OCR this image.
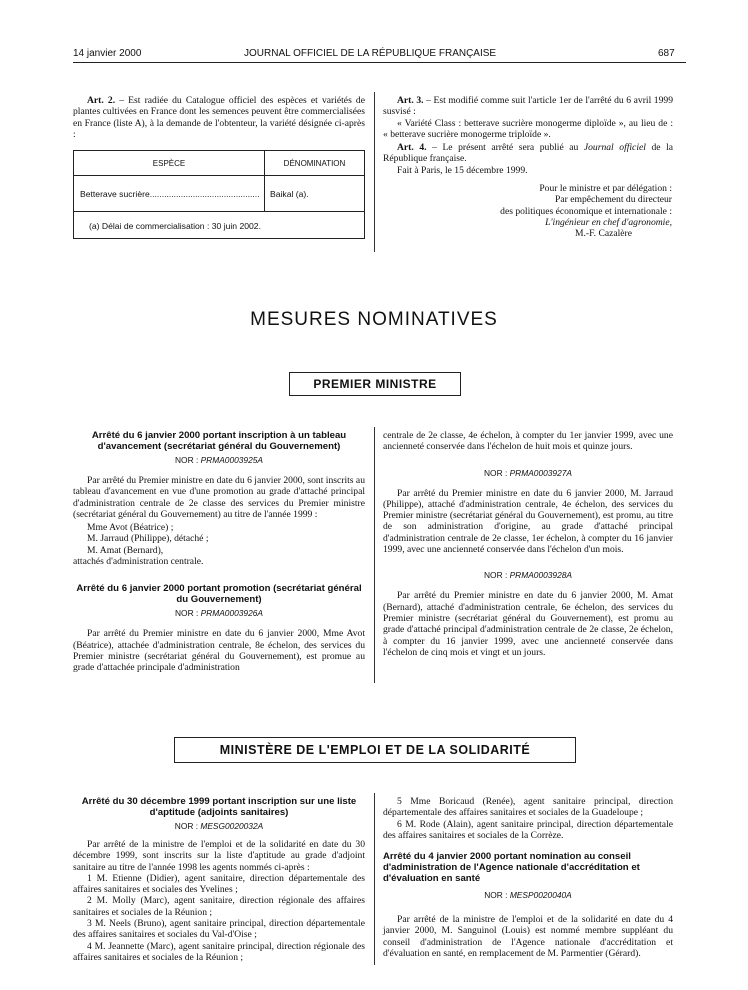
14 janvier 2000	JOURNAL OFFICIEL DE LA RÉPUBLIQUE FRANÇAISE	687

Art. 2. – Est radiée du Catalogue officiel des espèces et variétés de plantes cultivées en France dont les semences peuvent être commercialisées en France (liste A), à la demande de l'obtenteur, la variété désignée ci-après :

ESPÈCE	DÉNOMINATION
Betterave sucrière.............................................. Baikal (a).
(a) Délai de commercialisation : 30 juin 2002.

Art. 3. – Est modifié comme suit l'article 1er de l'arrêté du 6 avril 1999 susvisé :

« Variété Class : betterave sucrière monogerme diploïde », au lieu de : « betterave sucrière monogerme triploïde ».

Art. 4. – Le présent arrêté sera publié au Journal officiel de la République française.

Fait à Paris, le 15 décembre 1999.

Pour le ministre et par délégation :

Par empêchement du directeur

des politiques économique et internationale :

L'ingénieur en chef d'agronomie,

M.-F. Cazalère

MESURES NOMINATIVES
PREMIER MINISTRE
Arrêté du 6 janvier 2000 portant inscription à un tableau d'avancement (secrétariat général du Gouvernement)
NOR : PRMA0003925A

Par arrêté du Premier ministre en date du 6 janvier 2000, sont inscrits au tableau d'avancement en vue d'une promotion au grade d'attaché principal d'administration centrale de 2e classe des services du Premier ministre (secrétariat général du Gouvernement) au titre de l'année 1999 :

Mme Avot (Béatrice) ;

M. Jarraud (Philippe), détaché ;

M. Amat (Bernard),

attachés d'administration centrale.

Arrêté du 6 janvier 2000 portant promotion (secrétariat général du Gouvernement)
NOR : PRMA0003926A

Par arrêté du Premier ministre en date du 6 janvier 2000, Mme Avot (Béatrice), attachée d'administration centrale, 8e échelon, des services du Premier ministre (secrétariat général du Gouvernement), est promue au grade d'attachée principale d'administration

centrale de 2e classe, 4e échelon, à compter du 1er janvier 1999, avec une ancienneté conservée dans l'échelon de huit mois et quinze jours.

NOR : PRMA0003927A

Par arrêté du Premier ministre en date du 6 janvier 2000, M. Jarraud (Philippe), attaché d'administration centrale, 4e échelon, des services du Premier ministre (secrétariat général du Gouvernement), est promu, au titre de son administration d'origine, au grade d'attaché principal d'administration centrale de 2e classe, 1er échelon, à compter du 16 janvier 1999, avec une ancienneté conservée dans l'échelon d'un mois.

NOR : PRMA0003928A

Par arrêté du Premier ministre en date du 6 janvier 2000, M. Amat (Bernard), attaché d'administration centrale, 6e échelon, des services du Premier ministre (secrétariat général du Gouvernement), est promu au grade d'attaché principal d'administration centrale de 2e classe, 2e échelon, à compter du 16 janvier 1999, avec une ancienneté conservée dans l'échelon de cinq mois et vingt et un jours.

MINISTÈRE DE L'EMPLOI ET DE LA SOLIDARITÉ
Arrêté du 30 décembre 1999 portant inscription sur une liste d'aptitude (adjoints sanitaires)
NOR : MESG0020032A

Par arrêté de la ministre de l'emploi et de la solidarité en date du 30 décembre 1999, sont inscrits sur la liste d'aptitude au grade d'adjoint sanitaire au titre de l'année 1998 les agents nommés ci-après :

1 M. Etienne (Didier), agent sanitaire, direction départementale des affaires sanitaires et sociales des Yvelines ;

2 M. Molly (Marc), agent sanitaire, direction régionale des affaires sanitaires et sociales de la Réunion ;

3 M. Neels (Bruno), agent sanitaire principal, direction départementale des affaires sanitaires et sociales du Val-d'Oise ;

4 M. Jeannette (Marc), agent sanitaire principal, direction régionale des affaires sanitaires et sociales de la Réunion ;

5 Mme Boricaud (Renée), agent sanitaire principal, direction départementale des affaires sanitaires et sociales de la Guadeloupe ;

6 M. Rode (Alain), agent sanitaire principal, direction départementale des affaires sanitaires et sociales de la Corrèze.

Arrêté du 4 janvier 2000 portant nomination au conseil d'administration de l'Agence nationale d'accréditation et d'évaluation en santé
NOR : MESP0020040A

Par arrêté de la ministre de l'emploi et de la solidarité en date du 4 janvier 2000, M. Sanguinol (Louis) est nommé membre suppléant du conseil d'administration de l'Agence nationale d'accréditation et d'évaluation en santé, en remplacement de M. Parmentier (Gérard).
